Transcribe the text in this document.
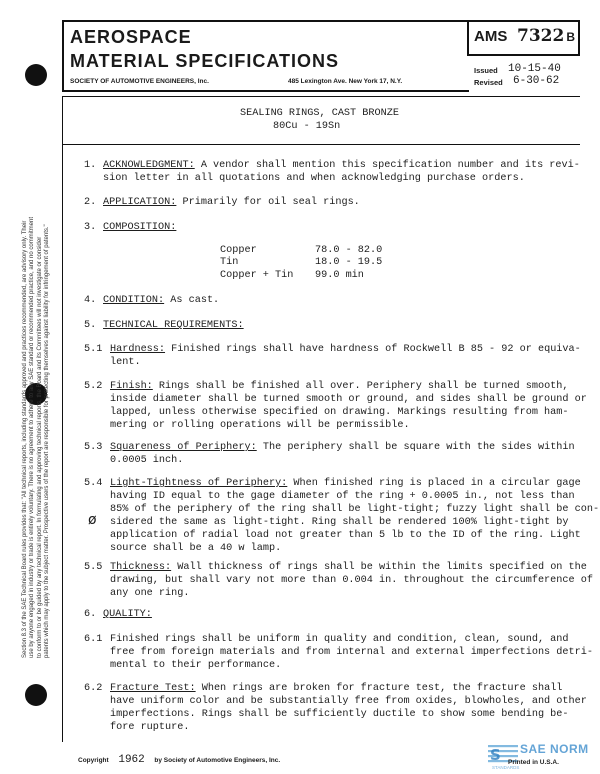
AEROSPACE
MATERIAL SPECIFICATIONS
SOCIETY OF AUTOMOTIVE ENGINEERS, Inc.	485 Lexington Ave. New York 17, N.Y.
AMS 7322 B
Issued 10-15-40
Revised 6-30-62
SEALING RINGS, CAST BRONZE
80Cu - 19Sn
Section 8.3 of the SAE Technical Board rules provides that: "All technical reports, including standards approved and practices recommended, are advisory only. Their use by anyone engaged in industry or trade is entirely voluntary. There is no agreement to adhere to any SAE standard or recommended practice, and no commitment to conform to or be guided by any technical report. In formulating and approving technical reports, the Board and its Committees will not investigate or consider patents which may apply to the subject matter. Prospective users of the report are responsible for protecting themselves against liability for infringement of patents."
1. ACKNOWLEDGMENT: A vendor shall mention this specification number and its revi-
sion letter in all quotations and when acknowledging purchase orders.
2. APPLICATION: Primarily for oil seal rings.
3. COMPOSITION:
Copper	78.0 - 82.0
Tin	18.0 - 19.5
Copper + Tin 99.0 min
4. CONDITION: As cast.
5. TECHNICAL REQUIREMENTS:
5.1 Hardness: Finished rings shall have hardness of Rockwell B 85 - 92 or equiva-
lent.
5.2 Finish: Rings shall be finished all over. Periphery shall be turned smooth,
inside diameter shall be turned smooth or ground, and sides shall be ground or
lapped, unless otherwise specified on drawing. Markings resulting from ham-
mering or rolling operations will be permissible.
5.3 Squareness of Periphery: The periphery shall be square with the sides within
0.0005 inch.
5.4 Light-Tightness of Periphery: When finished ring is placed in a circular gage
having ID equal to the gage diameter of the ring + 0.0005 in., not less than
85% of the periphery of the ring shall be light-tight; fuzzy light shall be con-
sidered the same as light-tight. Ring shall be rendered 100% light-tight by
application of radial load not greater than 5 lb to the ID of the ring. Light
source shall be a 40 w lamp.
ø
5.5 Thickness: Wall thickness of rings shall be within the limits specified on the
drawing, but shall vary not more than 0.004 in. throughout the circumference of
any one ring.
6. QUALITY:
6.1 Finished rings shall be uniform in quality and condition, clean, sound, and
free from foreign materials and from internal and external imperfections detri-
mental to their performance.
6.2 Fracture Test: When rings are broken for fracture test, the fracture shall
have uniform color and be substantially free from oxides, blowholes, and other
imperfections. Rings shall be sufficiently ductile to show some bending be-
fore rupture.
Copyright 1962 by Society of Automotive Engineers, Inc.	S SAE NORM
Printed in U.S.A.
STANDARDS
